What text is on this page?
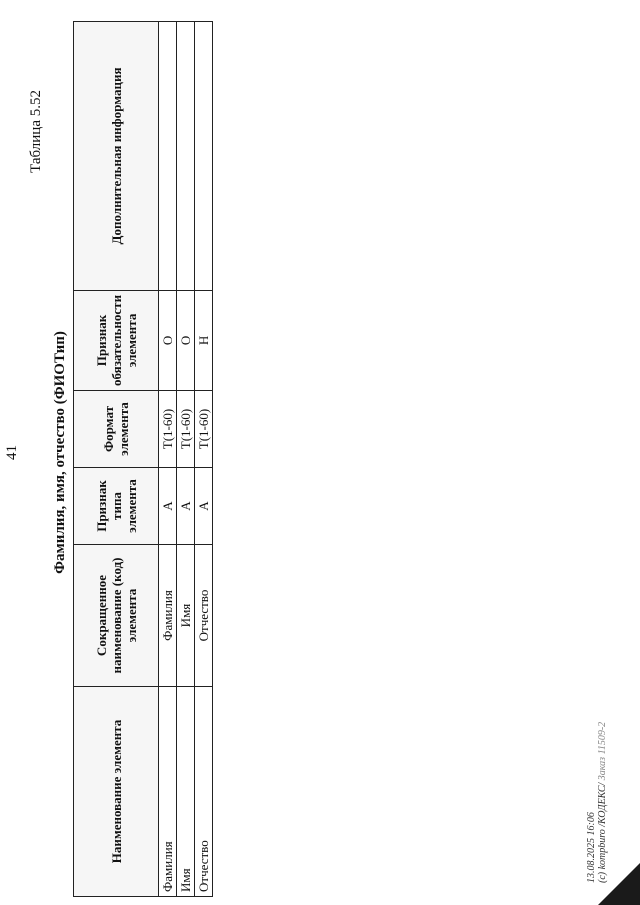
41
Таблица 5.52
Фамилия, имя, отчество (ФИОТип)
Наименование элемента	Сокращенное наименование (код) элемента	Признак типа элемента	Формат элемента	Признак обязательности элемента	Дополнительная информация
Фамилия	Фамилия	А	T(1-60)	О	
Имя	Имя	А	T(1-60)	О	
Отчество	Отчество	А	T(1-60)	Н	
13.08.2025 16:06 (c) kompburo /КОДЕКС/ Заказ 11509-2
